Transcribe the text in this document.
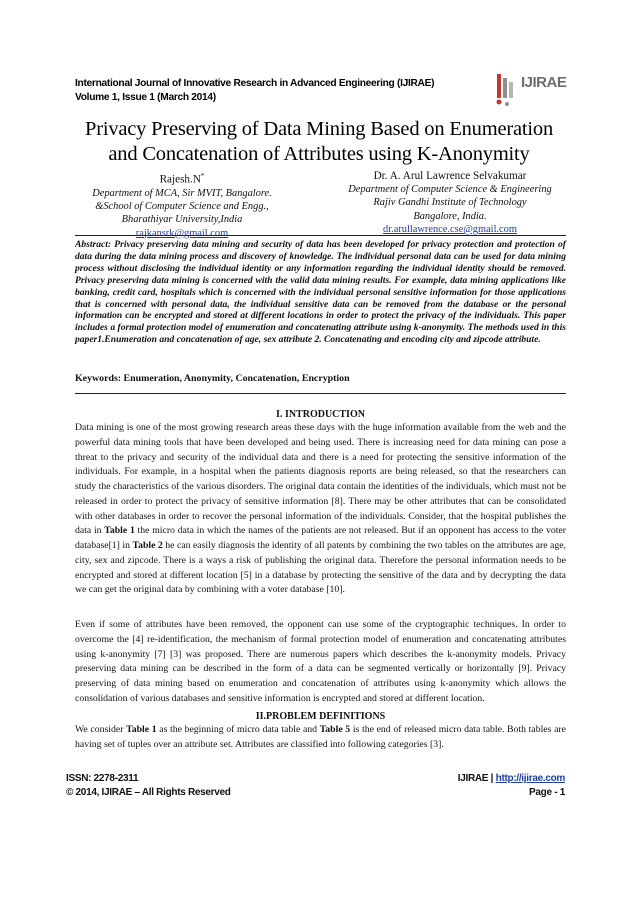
International Journal of Innovative Research in Advanced Engineering (IJIRAE)
Volume 1, Issue 1 (March 2014)
IJIRAE
Privacy Preserving of Data Mining Based on Enumeration
and Concatenation of Attributes using K-Anonymity
Rajesh.N*
Department of MCA, Sir MVIT, Bangalore.
&School of Computer Science and Engg.,
Bharathiyar University,India
rajkansrk@gmail.com
Dr. A. Arul Lawrence Selvakumar
Department of Computer Science & Engineering
Rajiv Gandhi Institute of Technology
Bangalore, India.
dr.arullawrence.cse@gmail.com
Abstract: Privacy preserving data mining and security of data has been developed for privacy protection and protection of data during the data mining process and discovery of knowledge. The individual personal data can be used for data mining process without disclosing the individual identity or any information regarding the individual identity should be removed. Privacy preserving data mining is concerned with the valid data mining results. For example, data mining applications like banking, credit card, hospitals which is concerned with the individual personal sensitive information for those applications that is concerned with personal data, the individual sensitive data can be removed from the database or the personal information can be encrypted and stored at different locations in order to protect the privacy of the individuals. This paper includes a formal protection model of enumeration and concatenating attribute using k-anonymity. The methods used in this paper1.Enumeration and concatenation of age, sex attribute 2. Concatenating and encoding city and zipcode attribute.
Keywords: Enumeration, Anonymity, Concatenation, Encryption
I. INTRODUCTION
Data mining is one of the most growing research areas these days with the huge information available from the web and the powerful data mining tools that have been developed and being used. There is increasing need for data mining can pose a threat to the privacy and security of the individual data and there is a need for protecting the sensitive information of the individuals. For example, in a hospital when the patients diagnosis reports are being released, so that the researchers can study the characteristics of the various disorders. The original data contain the identities of the individuals, which must not be released in order to protect the privacy of sensitive information [8]. There may be other attributes that can be consolidated with other databases in order to recover the personal information of the individuals. Consider, that the hospital publishes the data in Table 1 the micro data in which the names of the patients are not released. But if an opponent has access to the voter database[1] in Table 2 he can easily diagnosis the identity of all patents by combining the two tables on the attributes are age, city, sex and zipcode. There is a ways a risk of publishing the original data. Therefore the personal information needs to be encrypted and stored at different location [5] in a database by protecting the sensitive of the data and by decrypting the data we can get the original data by combining with a voter database [10].
Even if some of attributes have been removed, the opponent can use some of the cryptographic techniques. In order to overcome the [4] re-identification, the mechanism of formal protection model of enumeration and concatenating attributes using k-anonymity [7] [3] was proposed. There are numerous papers which describes the k-anonymity models. Privacy preserving data mining can be described in the form of a data can be segmented vertically or horizontally [9]. Privacy preserving of data mining based on enumeration and concatenation of attributes using k-anonymity which allows the consolidation of various databases and sensitive information is encrypted and stored at different location.
II.PROBLEM DEFINITIONS
We consider Table 1 as the beginning of micro data table and Table 5 is the end of released micro data table. Both tables are having set of tuples over an attribute set. Attributes are classified into following categories [3].
ISSN: 2278-2311
© 2014, IJIRAE – All Rights Reserved
IJIRAE | http://ijirae.com
Page - 1
